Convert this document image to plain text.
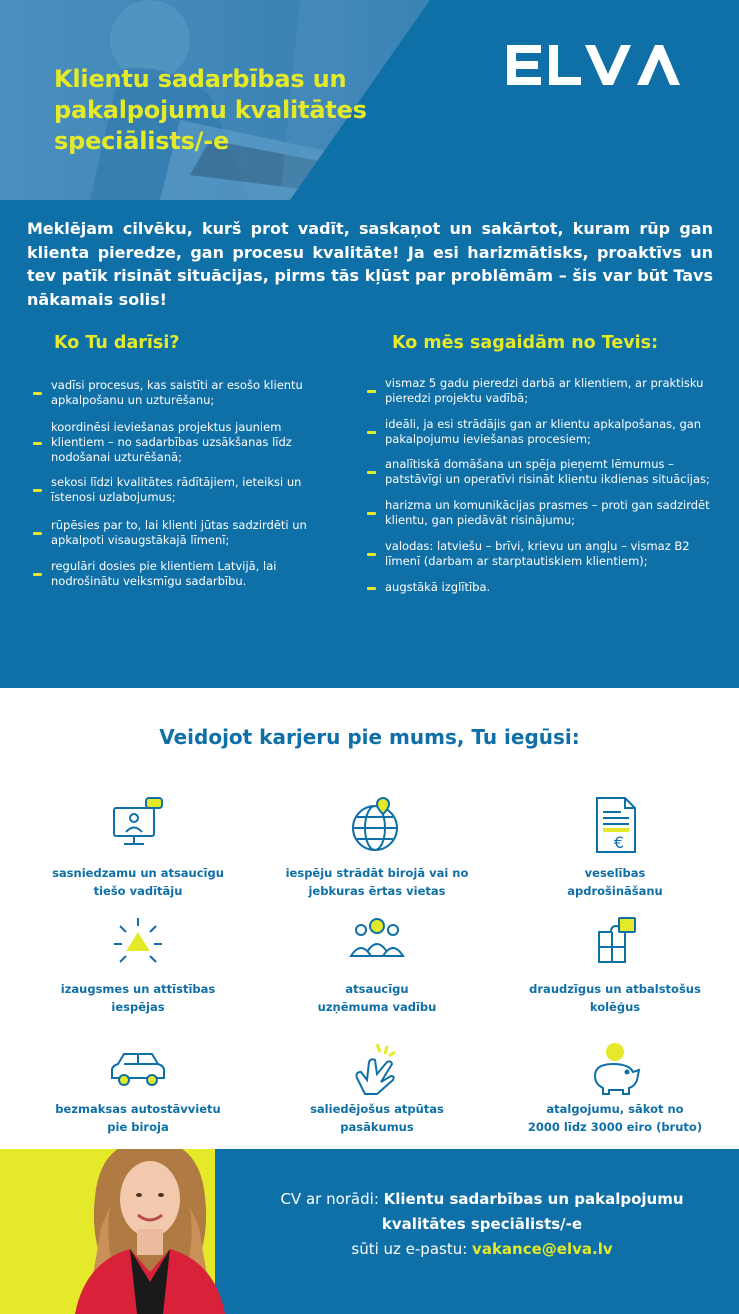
Klientu sadarbības un pakalpojumu kvalitātes speciālists/-e

Meklējam cilvēku, kurš prot vadīt, saskaņot un sakārtot, kuram rūp gan klienta pieredze, gan procesu kvalitāte! Ja esi harizmātisks, proaktīvs un tev patīk risināt situācijas, pirms tās kļūst par problēmām – šis var būt Tavs nākamais solis!

Ko Tu darīsi?	Ko mēs sagaidām no Tevis:
vadīsi procesus, kas saistīti ar esošo klientu apkalpošanu un uzturēšanu;
koordinēsi ieviešanas projektus jauniem klientiem – no sadarbības uzsākšanas līdz nodošanai uzturēšanā;
sekosi līdzi kvalitātes rādītājiem, ieteiksi un īstenosi uzlabojumus;
rūpēsies par to, lai klienti jūtas sadzirdēti un apkalpoti visaugstākajā līmenī;
regulāri dosies pie klientiem Latvijā, lai nodrošinātu veiksmīgu sadarbību.
vismaz 5 gadu pieredzi darbā ar klientiem, ar praktisku pieredzi projektu vadībā;
ideāli, ja esi strādājis gan ar klientu apkalpošanas, gan pakalpojumu ieviešanas procesiem;
analītiskā domāšana un spēja pieņemt lēmumus – patstāvīgi un operatīvi risināt klientu ikdienas situācijas;
harizma un komunikācijas prasmes – proti gan sadzirdēt klientu, gan piedāvāt risinājumu;
valodas: latviešu – brīvi, krievu un angļu – vismaz B2 līmenī (darbam ar starptautiskiem klientiem);
augstākā izglītība.
Veidojot karjeru pie mums, Tu iegūsi:
sasniedzamu un atsaucīgu
tiešo vadītāju
iespēju strādāt birojā vai no
jebkuras ērtas vietas
€
veselības
apdrošināšanu
izaugsmes un attīstības
iespējas
atsaucīgu
uzņēmuma vadību
draudzīgus un atbalstošus
kolēģus
bezmaksas autostāvvietu
pie biroja
saliedējošus atpūtas
pasākumus
atalgojumu, sākot no
2000 līdz 3000 eiro (bruto)
CV ar norādi: Klientu sadarbības un pakalpojumu
kvalitātes speciālists/-e
sūti uz e-pastu: vakance@elva.lv
